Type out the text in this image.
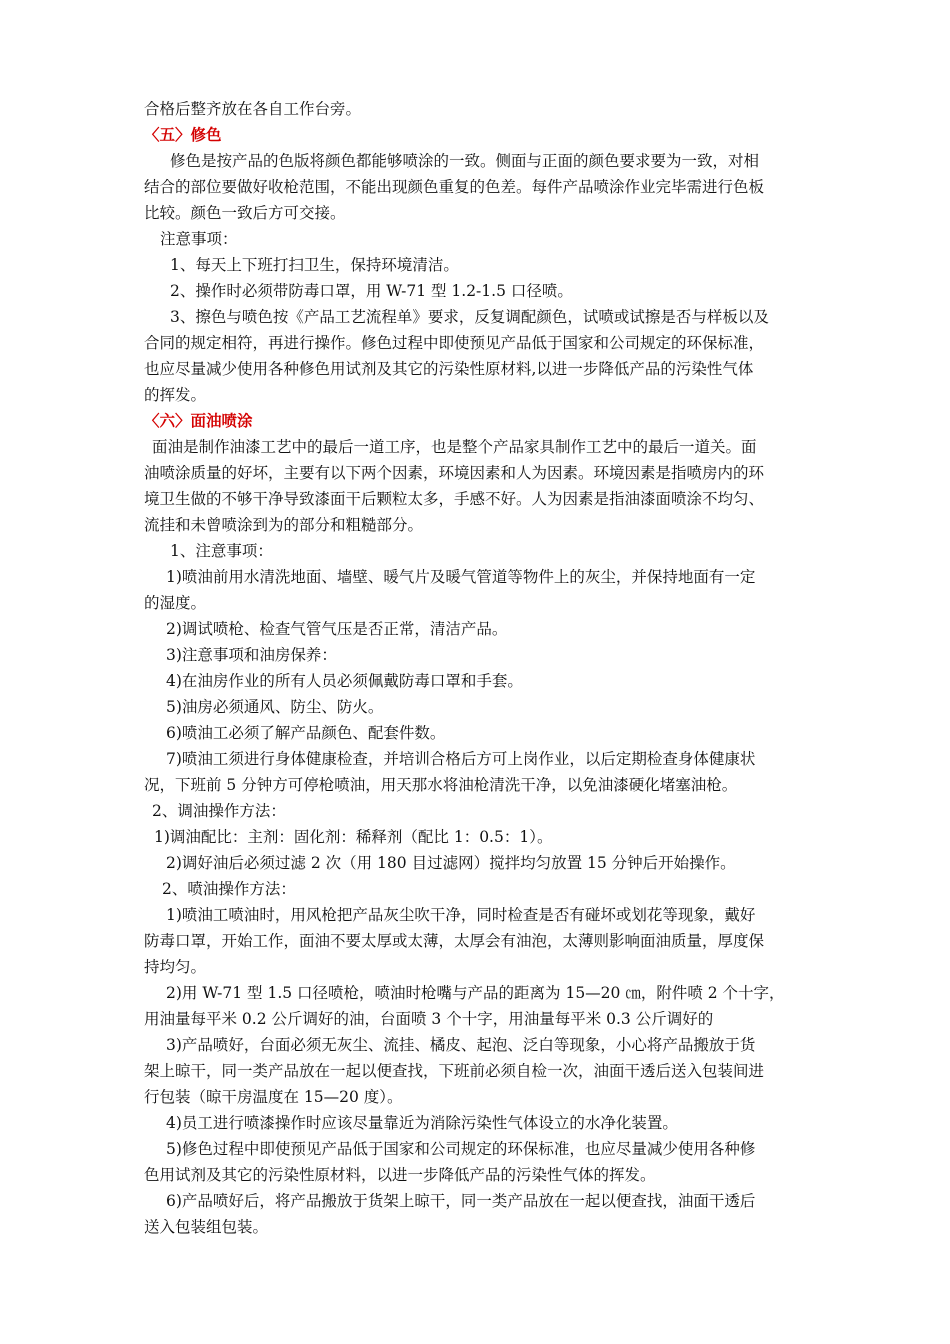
合格后整齐放在各自工作台旁。
〈五〉修色
修色是按产品的色版将颜色都能够喷涂的一致。侧面与正面的颜色要求要为一致，对相
结合的部位要做好收枪范围，不能出现颜色重复的色差。每件产品喷涂作业完毕需进行色板
比较。颜色一致后方可交接。
注意事项：
1、每天上下班打扫卫生，保持环境清洁。
2、操作时必须带防毒口罩，用 W-71 型 1.2-1.5 口径喷。
3、擦色与喷色按《产品工艺流程单》要求，反复调配颜色，试喷或试擦是否与样板以及
合同的规定相符，再进行操作。修色过程中即使预见产品低于国家和公司规定的环保标准，
也应尽量减少使用各种修色用试剂及其它的污染性原材料,以进一步降低产品的污染性气体
的挥发。
〈六〉面油喷涂
面油是制作油漆工艺中的最后一道工序，也是整个产品家具制作工艺中的最后一道关。面
油喷涂质量的好坏，主要有以下两个因素，环境因素和人为因素。环境因素是指喷房内的环
境卫生做的不够干净导致漆面干后颗粒太多，手感不好。人为因素是指油漆面喷涂不均匀、
流挂和未曾喷涂到为的部分和粗糙部分。
1、注意事项：
1)喷油前用水清洗地面、墙壁、暖气片及暖气管道等物件上的灰尘，并保持地面有一定
的湿度。
2)调试喷枪、检查气管气压是否正常，清洁产品。
3)注意事项和油房保养：
4)在油房作业的所有人员必须佩戴防毒口罩和手套。
5)油房必须通风、防尘、防火。
6)喷油工必须了解产品颜色、配套件数。
7)喷油工须进行身体健康检查，并培训合格后方可上岗作业，以后定期检查身体健康状
况，下班前 5 分钟方可停枪喷油，用天那水将油枪清洗干净，以免油漆硬化堵塞油枪。
2、调油操作方法：
1)调油配比：主剂：固化剂：稀释剂（配比 1：0.5：1）。
2)调好油后必须过滤 2 次（用 180 目过滤网）搅拌均匀放置 15 分钟后开始操作。
2、喷油操作方法：
1)喷油工喷油时，用风枪把产品灰尘吹干净，同时检查是否有碰坏或划花等现象，戴好
防毒口罩，开始工作，面油不要太厚或太薄，太厚会有油泡，太薄则影响面油质量，厚度保
持均匀。
2)用 W-71 型 1.5 口径喷枪，喷油时枪嘴与产品的距离为 15—20 ㎝，附件喷 2 个十字，
用油量每平米 0.2 公斤调好的油，台面喷 3 个十字，用油量每平米 0.3 公斤调好的
3)产品喷好，台面必须无灰尘、流挂、橘皮、起泡、泛白等现象，小心将产品搬放于货
架上晾干，同一类产品放在一起以便查找，下班前必须自检一次，油面干透后送入包装间进
行包装（晾干房温度在 15—20 度）。
4)员工进行喷漆操作时应该尽量靠近为消除污染性气体设立的水净化装置。
5)修色过程中即使预见产品低于国家和公司规定的环保标准，也应尽量减少使用各种修
色用试剂及其它的污染性原材料，以进一步降低产品的污染性气体的挥发。
6)产品喷好后，将产品搬放于货架上晾干，同一类产品放在一起以便查找，油面干透后
送入包装组包装。
